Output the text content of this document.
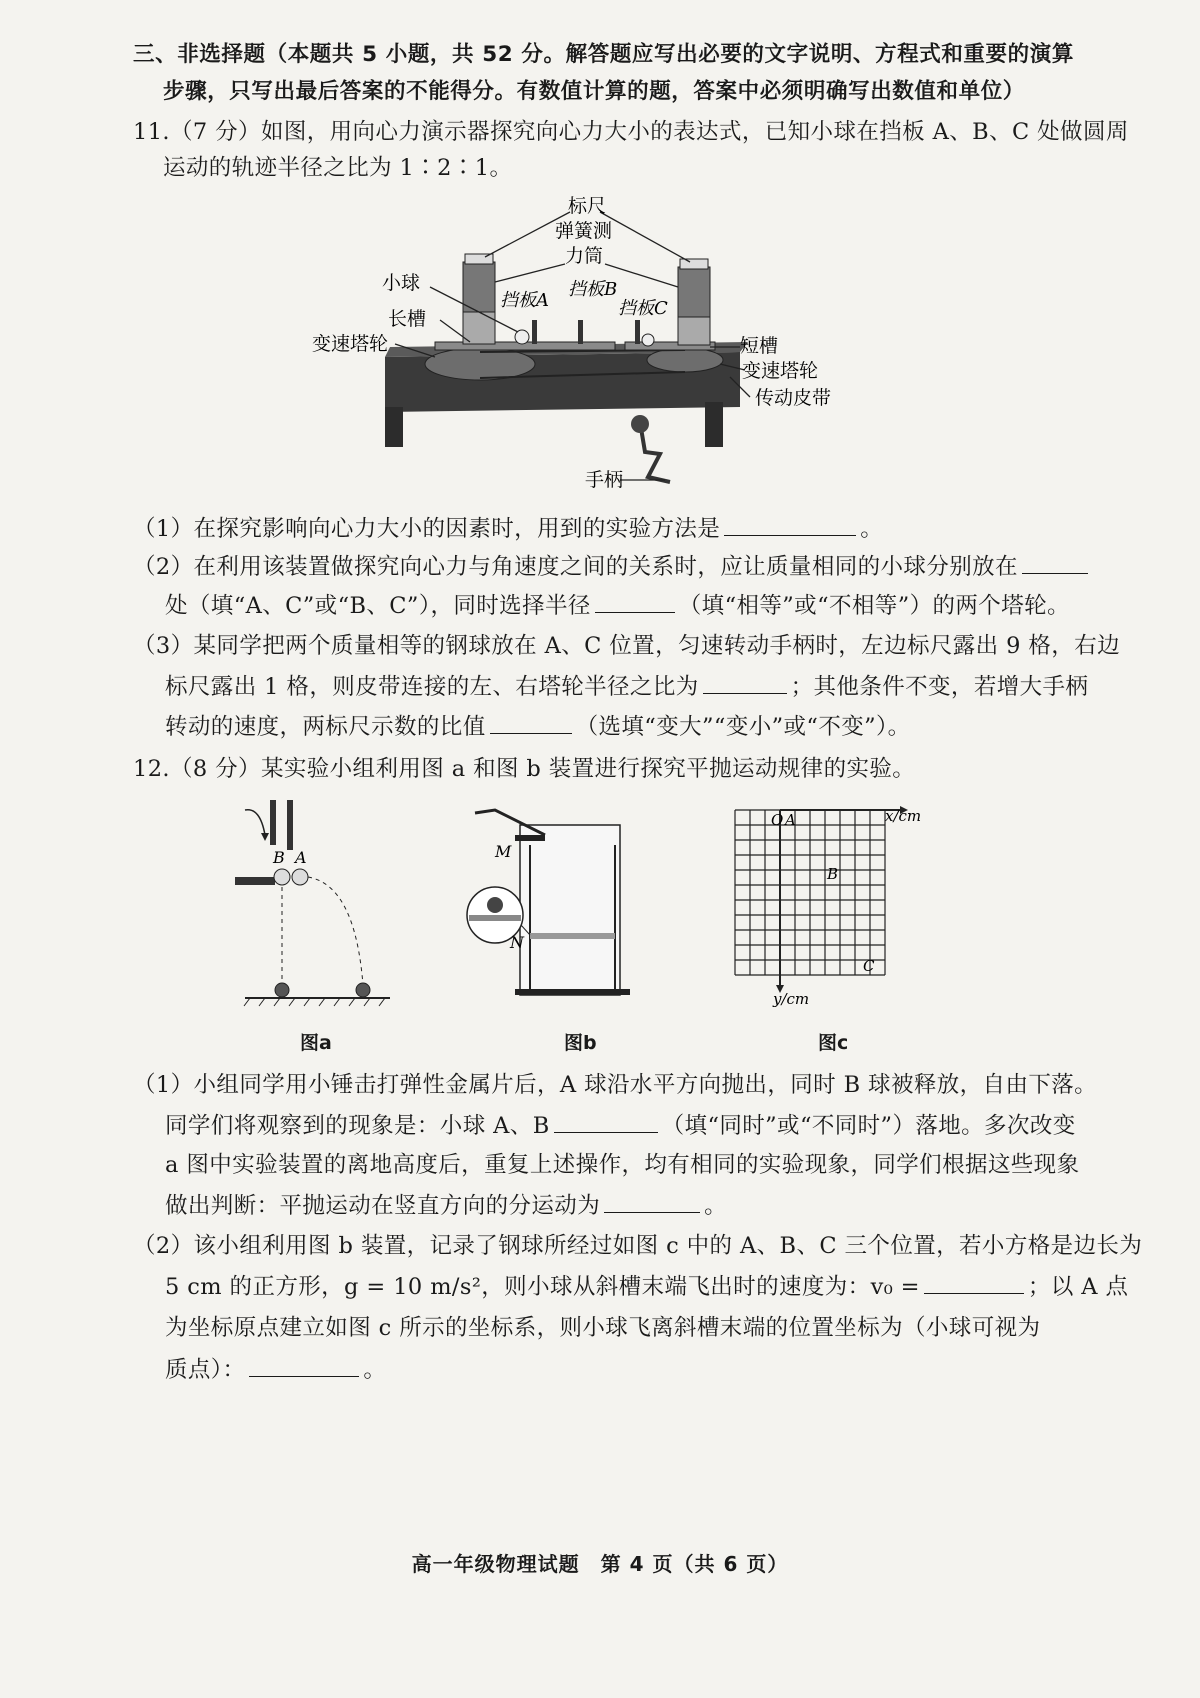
三、非选择题（本题共 5 小题，共 52 分。解答题应写出必要的文字说明、方程式和重要的演算
步骤，只写出最后答案的不能得分。有数值计算的题，答案中必须明确写出数值和单位）
11.（7 分）如图，用向心力演示器探究向心力大小的表达式，已知小球在挡板 A、B、C 处做圆周
运动的轨迹半径之比为 1∶2∶1。
标尺
弹簧测
力筒
小球
长槽
变速塔轮
挡板A
挡板B
挡板C
短槽
变速塔轮
传动皮带
手柄
（1）在探究影响向心力大小的因素时，用到的实验方法是	。
（2）在利用该装置做探究向心力与角速度之间的关系时，应让质量相同的小球分别放在
处（填“A、C”或“B、C”），同时选择半径	（填“相等”或“不相等”）的两个塔轮。
（3）某同学把两个质量相等的钢球放在 A、C 位置，匀速转动手柄时，左边标尺露出 9 格，右边
标尺露出 1 格，则皮带连接的左、右塔轮半径之比为	；其他条件不变，若增大手柄
转动的速度，两标尺示数的比值	（选填“变大”“变小”或“不变”）。
12.（8 分）某实验小组利用图 a 和图 b 装置进行探究平抛运动规律的实验。
B A
图a
M
N
图b
O A
B
C
x/cm
y/cm
图c
（1）小组同学用小锤击打弹性金属片后，A 球沿水平方向抛出，同时 B 球被释放，自由下落。
同学们将观察到的现象是：小球 A、B	（填“同时”或“不同时”）落地。多次改变
a 图中实验装置的离地高度后，重复上述操作，均有相同的实验现象，同学们根据这些现象
做出判断：平抛运动在竖直方向的分运动为	。
（2）该小组利用图 b 装置，记录了钢球所经过如图 c 中的 A、B、C 三个位置，若小方格是边长为
5 cm 的正方形，g = 10 m/s²，则小球从斜槽末端飞出时的速度为：v₀ =	；以 A 点
为坐标原点建立如图 c 所示的坐标系，则小球飞离斜槽末端的位置坐标为（小球可视为
质点）：	。
高一年级物理试题　第 4 页（共 6 页）
